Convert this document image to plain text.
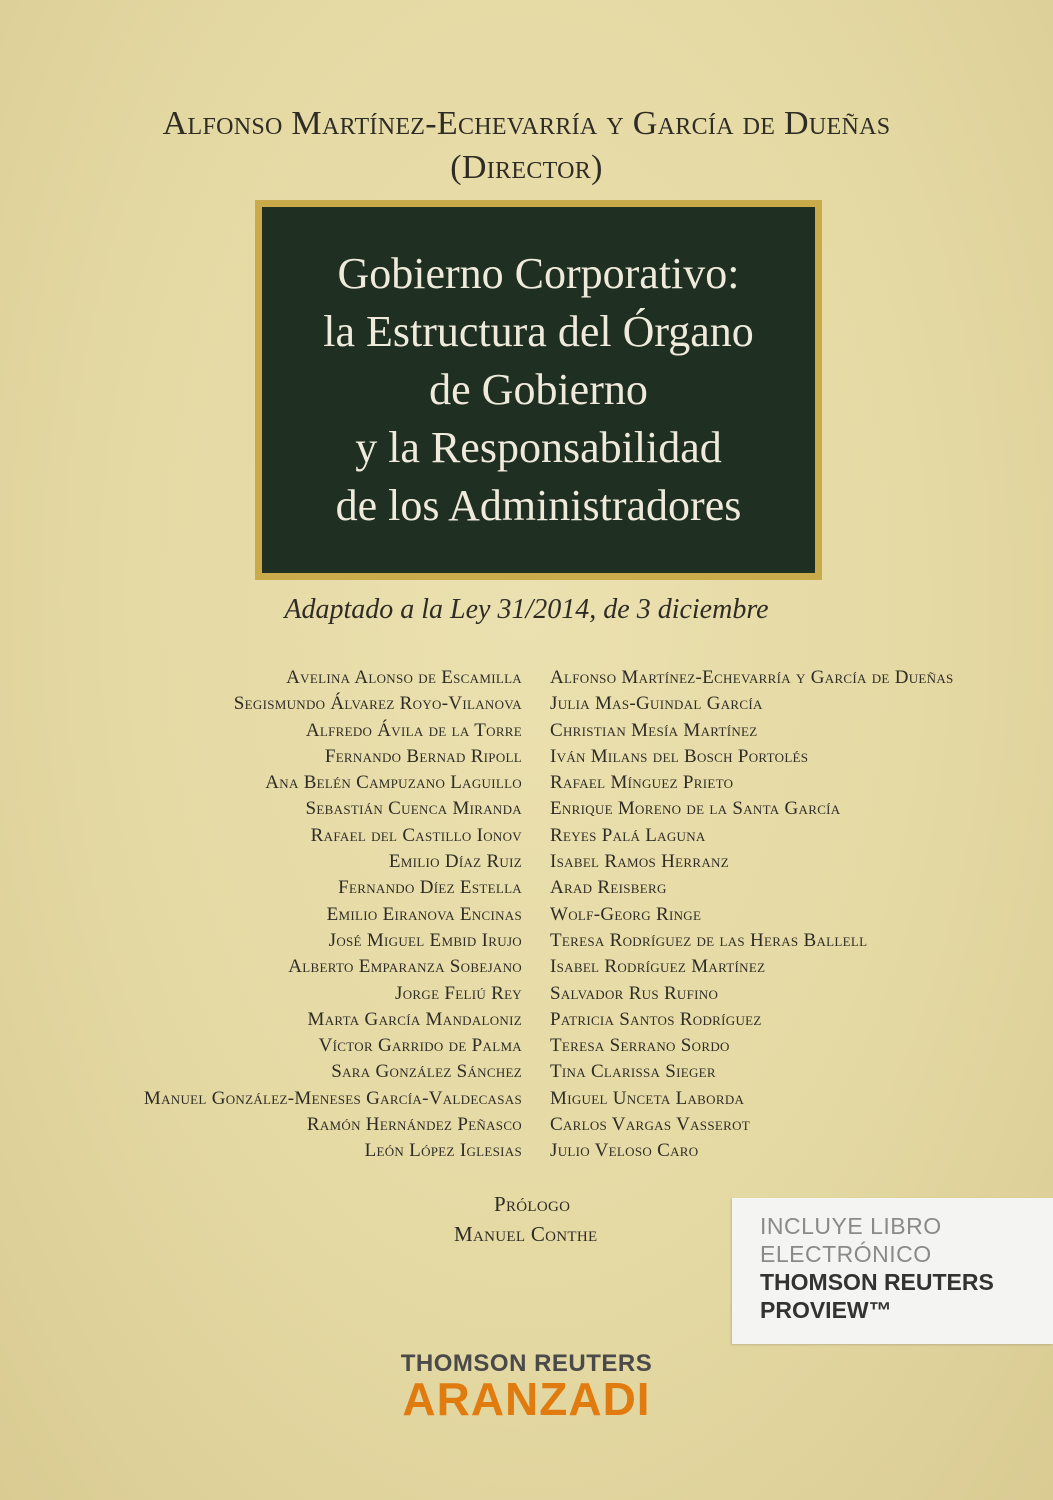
Alfonso Martínez-Echevarría y García de Dueñas
(Director)
Gobierno Corporativo:
la Estructura del Órgano
de Gobierno
y la Responsabilidad
de los Administradores
Adaptado a la Ley 31/2014, de 3 diciembre
Avelina Alonso de Escamilla
Segismundo Álvarez Royo-Vilanova
Alfredo Ávila de la Torre
Fernando Bernad Ripoll
Ana Belén Campuzano Laguillo
Sebastián Cuenca Miranda
Rafael del Castillo Ionov
Emilio Díaz Ruiz
Fernando Díez Estella
Emilio Eiranova Encinas
José Miguel Embid Irujo
Alberto Emparanza Sobejano
Jorge Feliú Rey
Marta García Mandaloniz
Víctor Garrido de Palma
Sara González Sánchez
Manuel González-Meneses García-Valdecasas
Ramón Hernández Peñasco
León López Iglesias
Alfonso Martínez-Echevarría y García de Dueñas
Julia Mas-Guindal García
Christian Mesía Martínez
Iván Milans del Bosch Portolés
Rafael Mínguez Prieto
Enrique Moreno de la Santa García
Reyes Palá Laguna
Isabel Ramos Herranz
Arad Reisberg
Wolf-Georg Ringe
Teresa Rodríguez de las Heras Ballell
Isabel Rodríguez Martínez
Salvador Rus Rufino
Patricia Santos Rodríguez
Teresa Serrano Sordo
Tina Clarissa Sieger
Miguel Unceta Laborda
Carlos Vargas Vasserot
Julio Veloso Caro
Prólogo
Manuel Conthe	INCLUYE LIBRO
ELECTRÓNICO
THOMSON REUTERS
PROVIEW™
THOMSON REUTERS
ARANZADI
